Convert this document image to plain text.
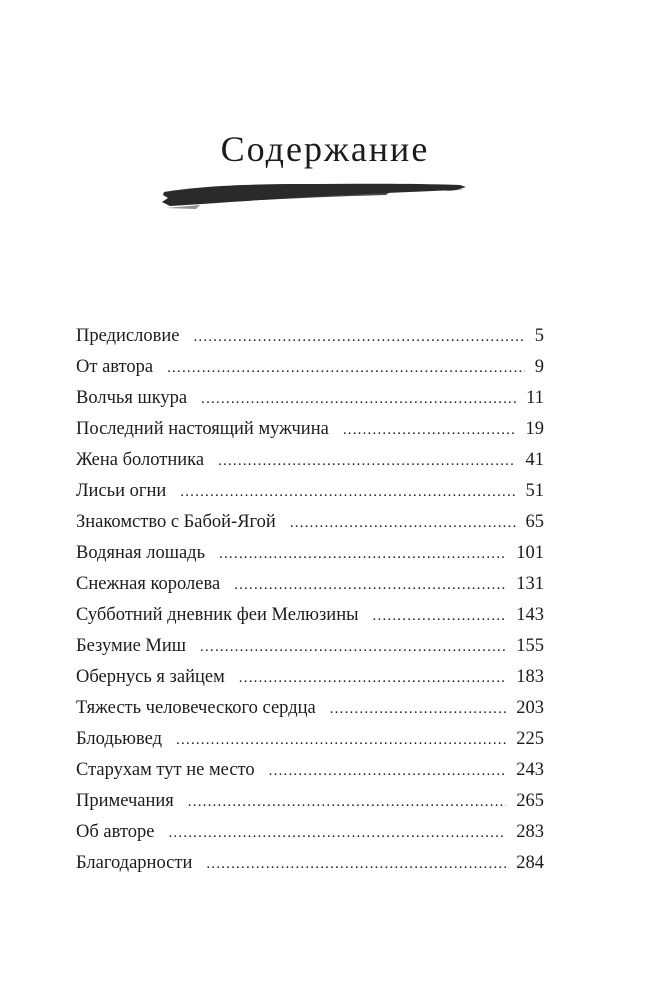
Содержание
Предисловие .....	5
От автора .....	9
Волчья шкура .....	11
Последний настоящий мужчина .....	19
Жена болотника .....	41
Лисьи огни .....	51
Знакомство с Бабой-Ягой .....	65
Водяная лошадь .....	101
Снежная королева .....	131
Субботний дневник феи Мелюзины .....	143
Безумие Миш .....	155
Обернусь я зайцем .....	183
Тяжесть человеческого сердца .....	203
Блодьювед .....	225
Старухам тут не место .....	243
Примечания .....	265
Об авторе .....	283
Благодарности .....	284
